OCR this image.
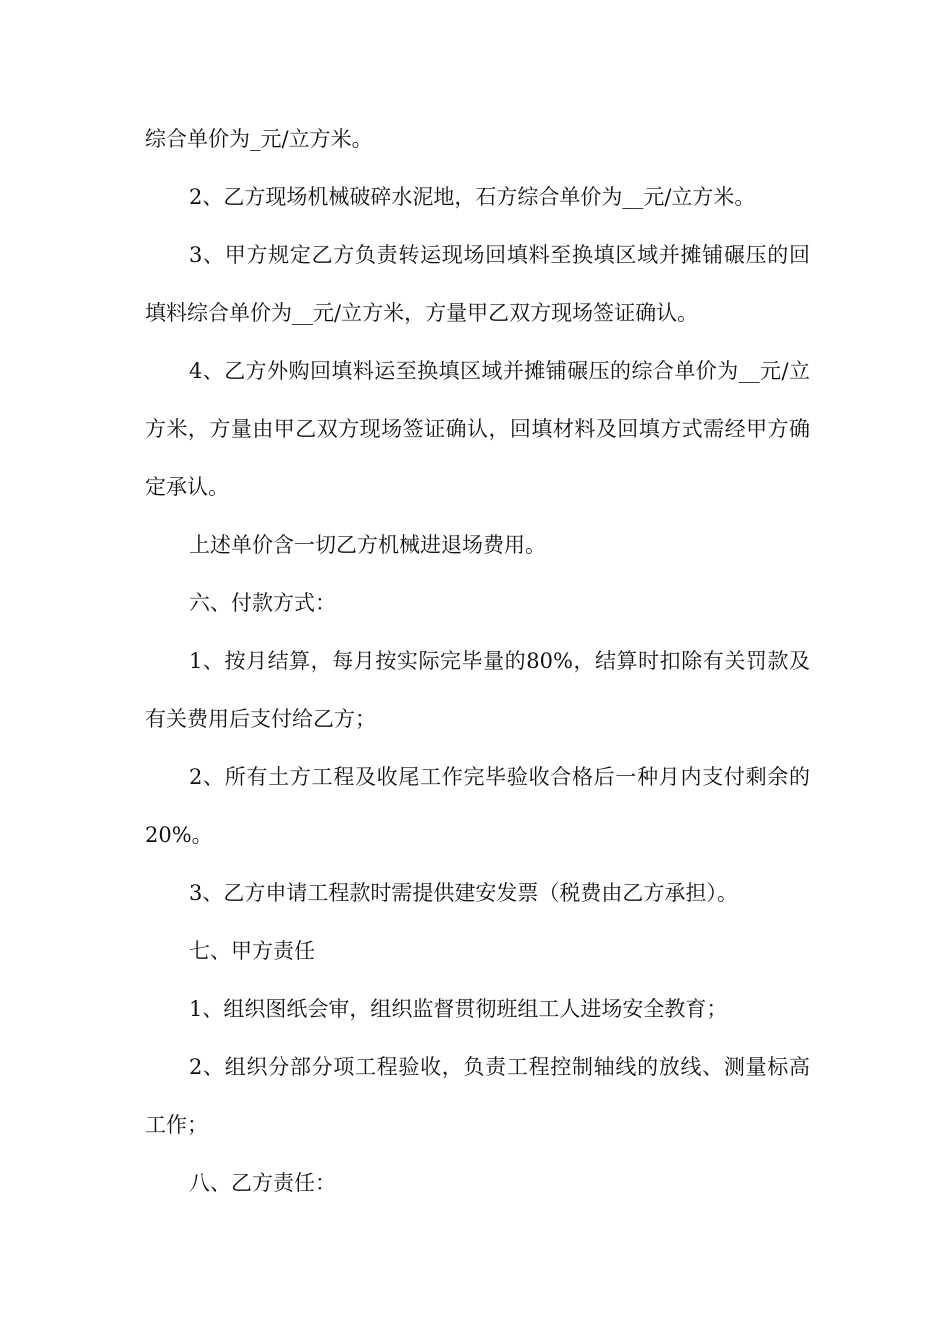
综合单价为_元/立方米。

2、乙方现场机械破碎水泥地，石方综合单价为__元/立方米。

3、甲方规定乙方负责转运现场回填料至换填区域并摊铺碾压的回填料综合单价为__元/立方米，方量甲乙双方现场签证确认。

4、乙方外购回填料运至换填区域并摊铺碾压的综合单价为__元/立方米，方量由甲乙双方现场签证确认，回填材料及回填方式需经甲方确定承认。

上述单价含一切乙方机械进退场费用。

六、付款方式：

1、按月结算，每月按实际完毕量的80%，结算时扣除有关罚款及有关费用后支付给乙方；

2、所有土方工程及收尾工作完毕验收合格后一种月内支付剩余的20%。

3、乙方申请工程款时需提供建安发票（税费由乙方承担）。

七、甲方责任

1、组织图纸会审，组织监督贯彻班组工人进场安全教育；

2、组织分部分项工程验收，负责工程控制轴线的放线、测量标高工作；

八、乙方责任：
